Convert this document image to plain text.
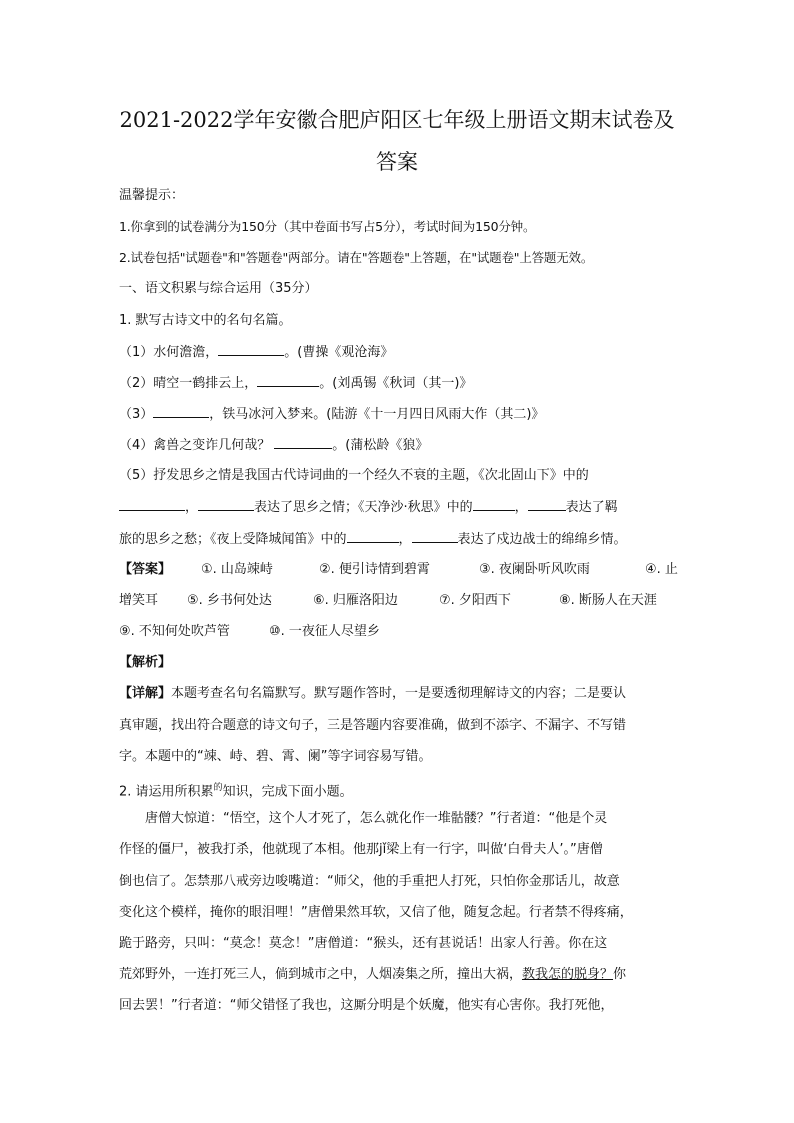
2021-2022学年安徽合肥庐阳区七年级上册语文期末试卷及
答案
温馨提示：
1.你拿到的试卷满分为150分（其中卷面书写占5分），考试时间为150分钟。
2.试卷包括"试题卷"和"答题卷"两部分。请在"答题卷"上答题，在"试题卷"上答题无效。
一、语文积累与综合运用（35分）
1. 默写古诗文中的名句名篇。
（1）水何澹澹，	。(曹操《观沧海》
（2）晴空一鹤排云上，	。(刘禹锡《秋词（其一)》
（3）	，铁马冰河入梦来。(陆游《十一月四日风雨大作（其二)》
（4）禽兽之变诈几何哉？	。(蒲松龄《狼》
（5）抒发思乡之情是我国古代诗词曲的一个经久不衰的主题，《次北固山下》中的
，	表达了思乡之情；《天净沙·秋思》中的	，	表达了羁
旅的思乡之愁；《夜上受降城闻笛》中的	，	表达了戍边战士的绵绵乡情。
【答案】 ①. 山岛竦峙	②. 便引诗情到碧霄	③. 夜阑卧听风吹雨	④. 止
增笑耳 ⑤. 乡书何处达	⑥. 归雁洛阳边	⑦. 夕阳西下	⑧. 断肠人在天涯
⑨. 不知何处吹芦管	⑩. 一夜征人尽望乡
【解析】
【详解】本题考查名句名篇默写。默写题作答时，一是要透彻理解诗文的内容；二是要认
真审题，找出符合题意的诗文句子，三是答题内容要准确，做到不添字、不漏字、不写错
字。本题中的“竦、峙、碧、霄、阑”等字词容易写错。
2. 请运用所积累$^的$知识，完成下面小题。
唐僧大惊道：“悟空，这个人才死了，怎么就化作一堆骷髅？”行者道：“他是个灵
作怪的僵尸，被我打杀，他就现了本相。他那jǐ梁上有一行字，叫做‘白骨夫人’。”唐僧
倒也信了。怎禁那八戒旁边唆嘴道：“师父，他的手重把人打死，只怕你金那话儿，故意
变化这个模样，掩你的眼泪哩！”唐僧果然耳软，又信了他，随复念起。行者禁不得疼痛，
跪于路旁，只叫：“莫念！莫念！”唐僧道：“猴头，还有甚说话！出家人行善。你在这
荒郊野外，一连打死三人，倘到城市之中，人烟凑集之所，撞出大祸，教我怎的脱身？你
回去罢！”行者道：“师父错怪了我也，这厮分明是个妖魔，他实有心害你。我打死他，
